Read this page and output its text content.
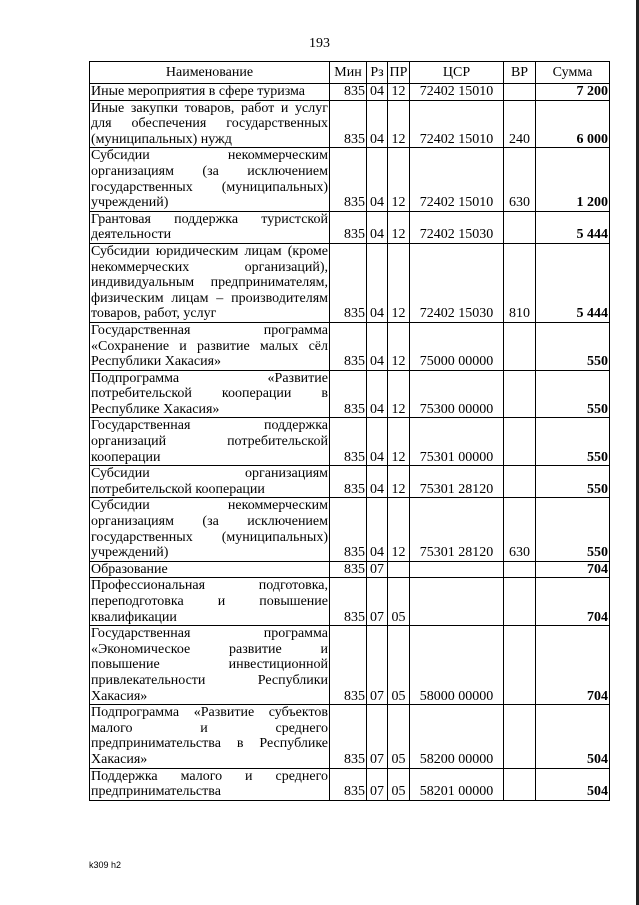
193
Наименование	Мин	Рз	ПР	ЦСР	ВР	Сумма
Иные мероприятия в сфере туризма	835	04	12	72402 15010		7 200
Иные закупки товаров, работ и услуг для обеспечения государственных (муниципальных) нужд	835	04	12	72402 15010	240	6 000
Субсидии некоммерческим организациям (за исключением государственных (муниципальных) учреждений)	835	04	12	72402 15010	630	1 200
Грантовая поддержка туристской деятельности	835	04	12	72402 15030		5 444
Субсидии юридическим лицам (кроме некоммерческих организаций), индивидуальным предпринимателям, физическим лицам – производителям товаров, работ, услуг	835	04	12	72402 15030	810	5 444
Государственная программа «Сохранение и развитие малых сёл Республики Хакасия»	835	04	12	75000 00000		550
Подпрограмма «Развитие потребительской кооперации в Республике Хакасия»	835	04	12	75300 00000		550
Государственная поддержка организаций потребительской кооперации	835	04	12	75301 00000		550
Субсидии организациям потребительской кооперации	835	04	12	75301 28120		550
Субсидии некоммерческим организациям (за исключением государственных (муниципальных) учреждений)	835	04	12	75301 28120	630	550
Образование	835	07				704
Профессиональная подготовка, переподготовка и повышение квалификации	835	07	05			704
Государственная программа «Экономическое развитие и повышение инвестиционной привлекательности Республики Хакасия»	835	07	05	58000 00000		704
Подпрограмма «Развитие субъектов малого и среднего предпринимательства в Республике Хакасия»	835	07	05	58200 00000		504
Поддержка малого и среднего предпринимательства	835	07	05	58201 00000		504
k309 h2
